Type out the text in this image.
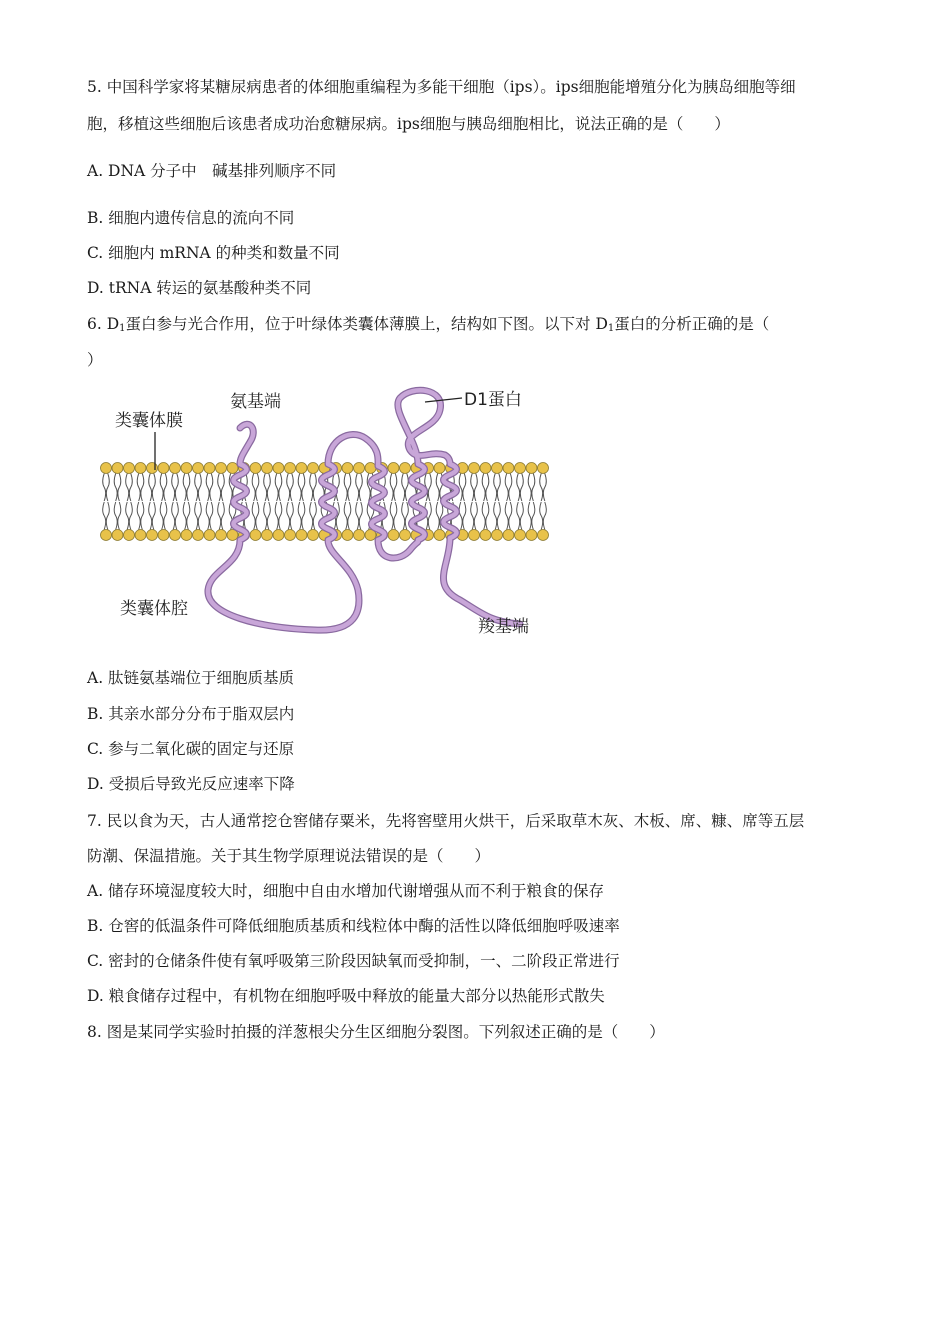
5. 中国科学家将某糖尿病患者的体细胞重编程为多能干细胞（ips）。ips细胞能增殖分化为胰岛细胞等细
胞，移植这些细胞后该患者成功治愈糖尿病。ips细胞与胰岛细胞相比，说法正确的是（　　）
A. DNA 分子中　碱基排列顺序不同
B. 细胞内遗传信息的流向不同
C. 细胞内 mRNA 的种类和数量不同
D. tRNA 转运的氨基酸种类不同
6. $D_1$蛋白参与光合作用，位于叶绿体类囊体薄膜上，结构如下图。以下对 $D_1$蛋白的分析正确的是（
）
类囊体膜
氨基端	D1蛋白
类囊体腔
羧基端
A. 肽链氨基端位于细胞质基质
B. 其亲水部分分布于脂双层内
C. 参与二氧化碳的固定与还原
D. 受损后导致光反应速率下降
7. 民以食为天，古人通常挖仓窖储存粟米，先将窖壁用火烘干，后采取草木灰、木板、席、糠、席等五层
防潮、保温措施。关于其生物学原理说法错误的是（　　）
A. 储存环境湿度较大时，细胞中自由水增加代谢增强从而不利于粮食的保存
B. 仓窖的低温条件可降低细胞质基质和线粒体中酶的活性以降低细胞呼吸速率
C. 密封的仓储条件使有氧呼吸第三阶段因缺氧而受抑制，一、二阶段正常进行
D. 粮食储存过程中，有机物在细胞呼吸中释放的能量大部分以热能形式散失
8. 图是某同学实验时拍摄的洋葱根尖分生区细胞分裂图。下列叙述正确的是（　　）
